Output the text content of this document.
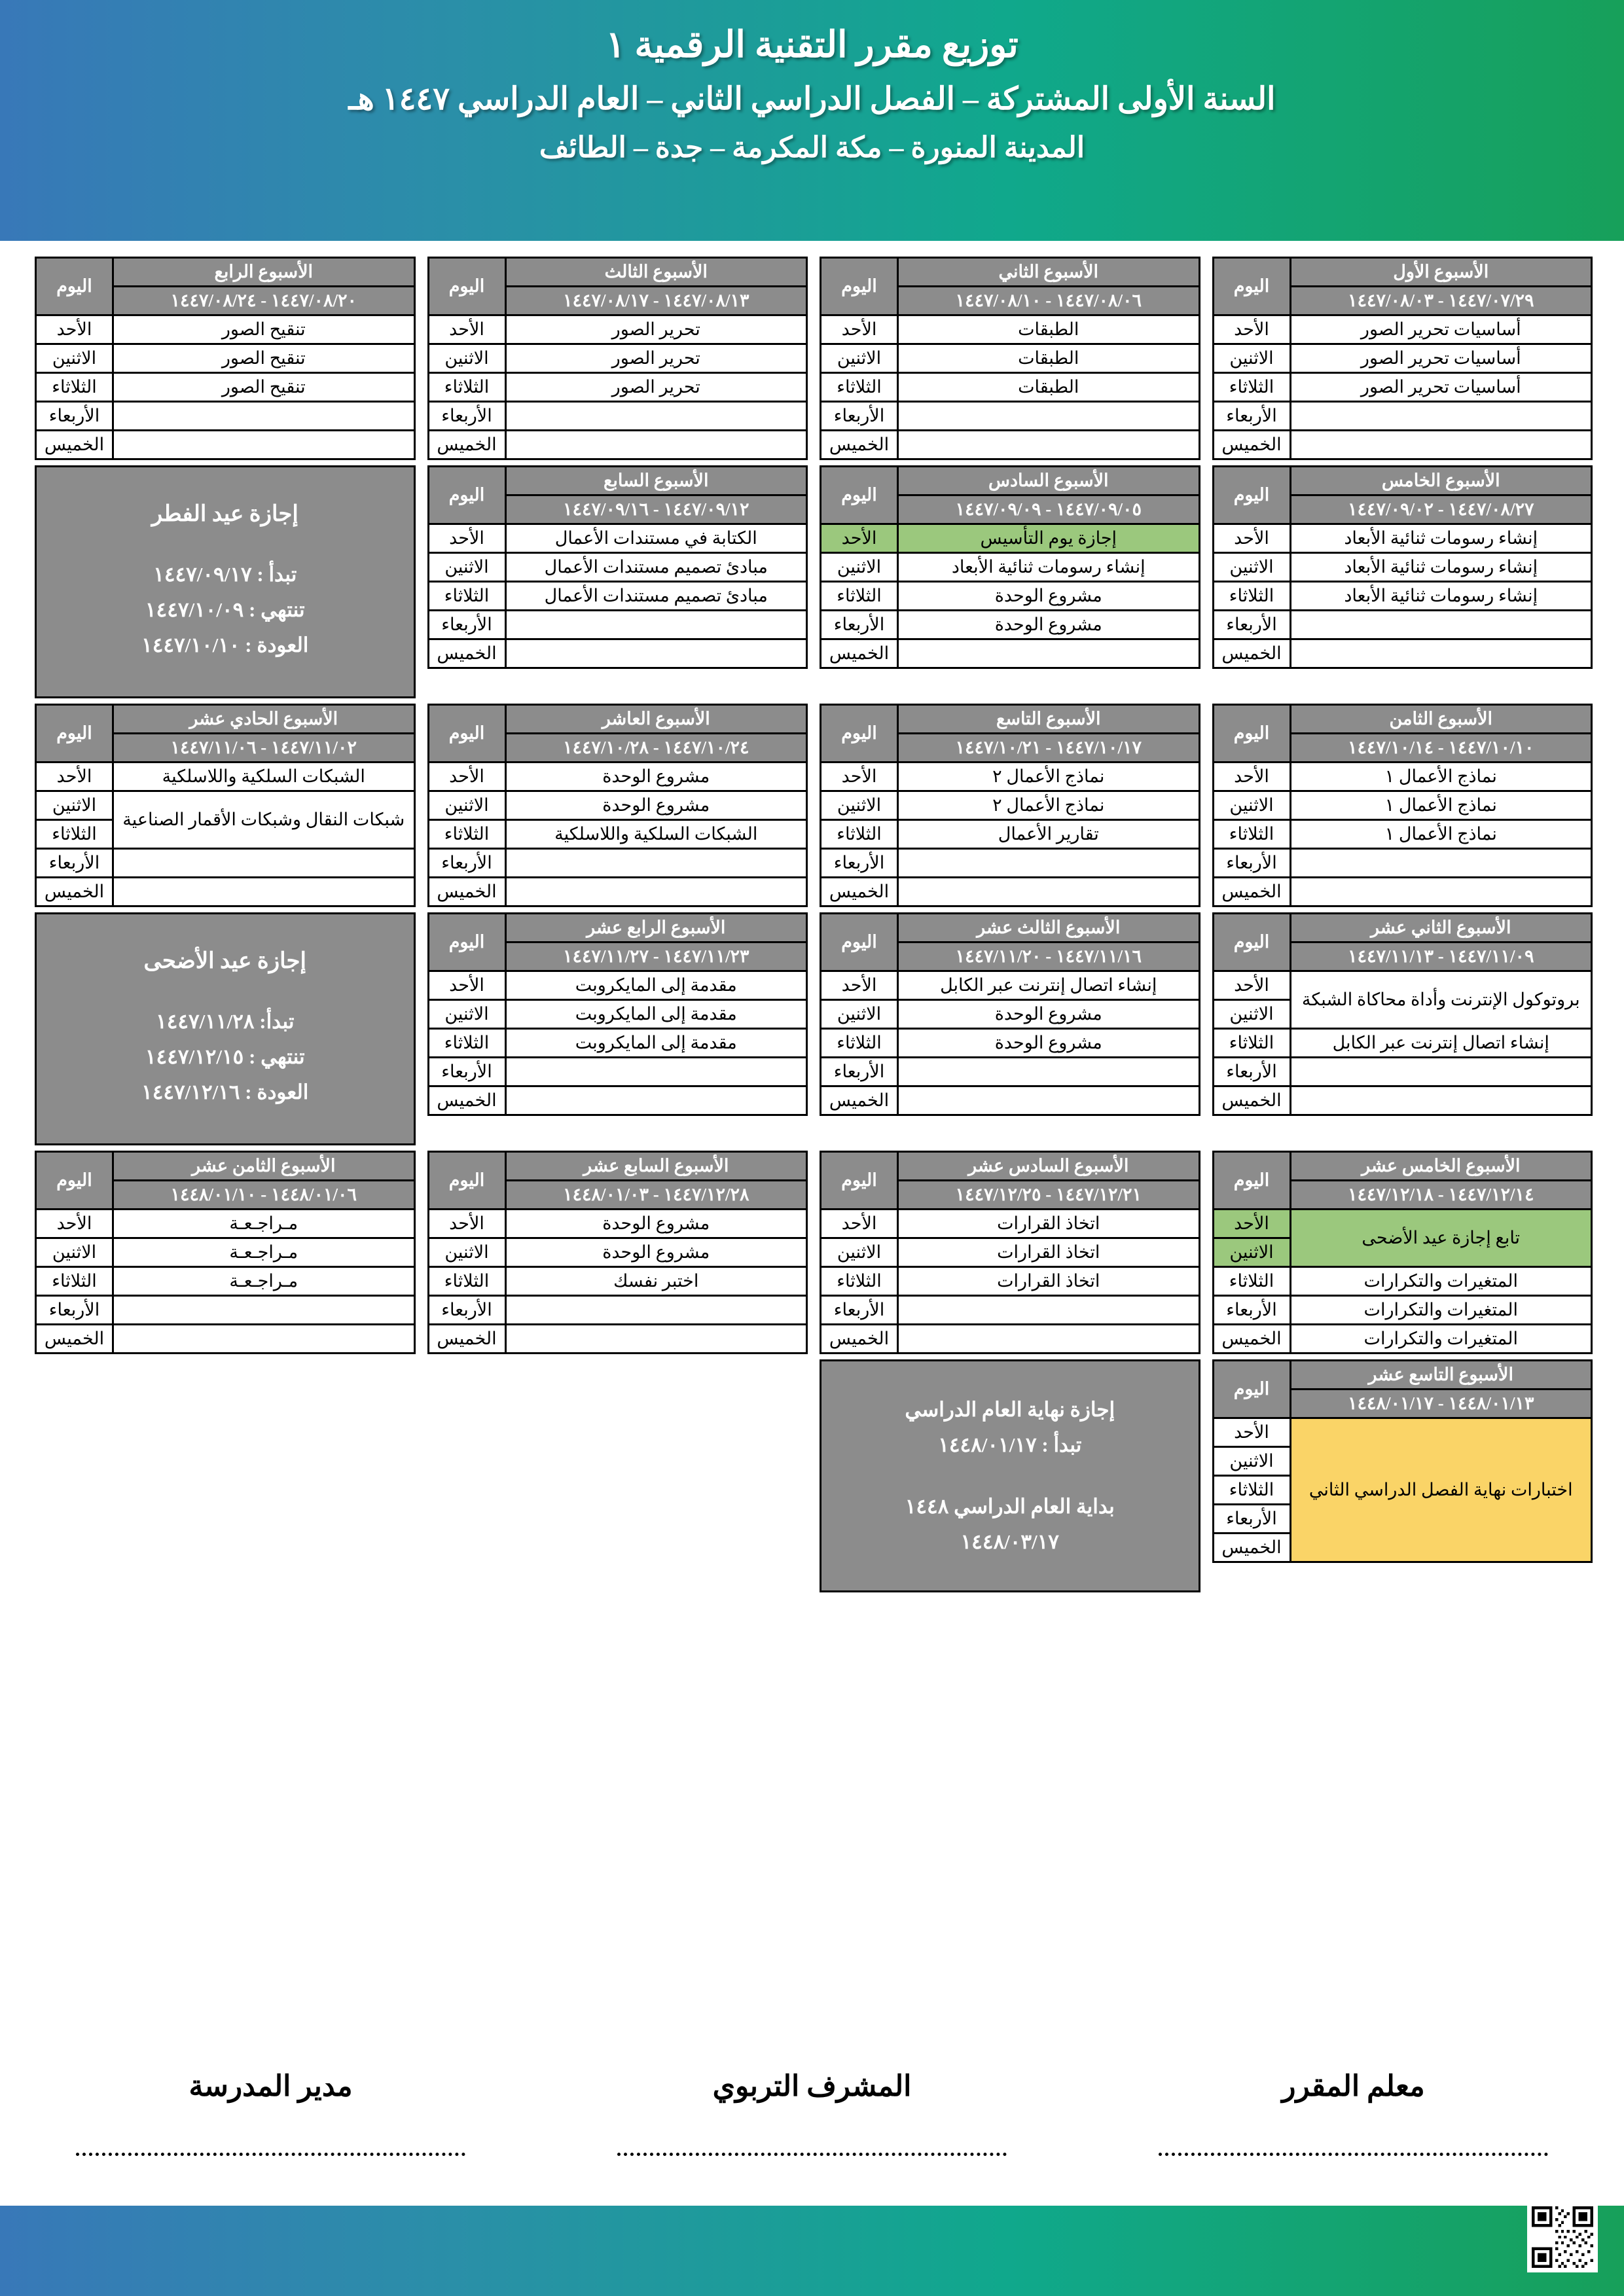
توزيع مقرر التقنية الرقمية ١
السنة الأولى المشتركة – الفصل الدراسي الثاني – العام الدراسي ١٤٤٧ هـ
المدينة المنورة – مكة المكرمة – جدة – الطائف
الأسبوع الأول	اليوم
١٤٤٧/٠٧/٢٩ - ١٤٤٧/٠٨/٠٣	
أساسيات تحرير الصور	الأحد
أساسيات تحرير الصور	الاثنين
أساسيات تحرير الصور	الثلاثاء
	الأربعاء
	الخميس
الأسبوع الثاني	اليوم
١٤٤٧/٠٨/٠٦ - ١٤٤٧/٠٨/١٠	
الطبقات	الأحد
الطبقات	الاثنين
الطبقات	الثلاثاء
	الأربعاء
	الخميس
الأسبوع الثالث	اليوم
١٤٤٧/٠٨/١٣ - ١٤٤٧/٠٨/١٧	
تحرير الصور	الأحد
تحرير الصور	الاثنين
تحرير الصور	الثلاثاء
	الأربعاء
	الخميس
الأسبوع الرابع	اليوم
١٤٤٧/٠٨/٢٠ - ١٤٤٧/٠٨/٢٤	
تنقيح الصور	الأحد
تنقيح الصور	الاثنين
تنقيح الصور	الثلاثاء
	الأربعاء
	الخميس
الأسبوع الخامس	اليوم
١٤٤٧/٠٨/٢٧ - ١٤٤٧/٠٩/٠٢	
إنشاء رسومات ثنائية الأبعاد	الأحد
إنشاء رسومات ثنائية الأبعاد	الاثنين
إنشاء رسومات ثنائية الأبعاد	الثلاثاء
	الأربعاء
	الخميس
الأسبوع السادس	اليوم
١٤٤٧/٠٩/٠٥ - ١٤٤٧/٠٩/٠٩	
إجازة يوم التأسيس	الأحد
إنشاء رسومات ثنائية الأبعاد	الاثنين
مشروع الوحدة	الثلاثاء
مشروع الوحدة	الأربعاء
	الخميس
الأسبوع السابع	اليوم
١٤٤٧/٠٩/١٢ - ١٤٤٧/٠٩/١٦	
الكتابة في مستندات الأعمال	الأحد
مبادئ تصميم مستندات الأعمال	الاثنين
مبادئ تصميم مستندات الأعمال	الثلاثاء
	الأربعاء
	الخميس
إجازة عيد الفطر
تبدأ : ١٤٤٧/٠٩/١٧
تنتهي : ١٤٤٧/١٠/٠٩
العودة : ١٤٤٧/١٠/١٠
الأسبوع الثامن	اليوم
١٤٤٧/١٠/١٠ - ١٤٤٧/١٠/١٤	
نماذج الأعمال ١	الأحد
نماذج الأعمال ١	الاثنين
نماذج الأعمال ١	الثلاثاء
	الأربعاء
	الخميس
الأسبوع التاسع	اليوم
١٤٤٧/١٠/١٧ - ١٤٤٧/١٠/٢١	
نماذج الأعمال ٢	الأحد
نماذج الأعمال ٢	الاثنين
تقارير الأعمال	الثلاثاء
	الأربعاء
	الخميس
الأسبوع العاشر	اليوم
١٤٤٧/١٠/٢٤ - ١٤٤٧/١٠/٢٨	
مشروع الوحدة	الأحد
مشروع الوحدة	الاثنين
الشبكات السلكية واللاسلكية	الثلاثاء
	الأربعاء
	الخميس
الأسبوع الحادي عشر	اليوم
١٤٤٧/١١/٠٢ - ١٤٤٧/١١/٠٦	
الشبكات السلكية واللاسلكية	الأحد
شبكات النقال وشبكات الأقمار الصناعية	الاثنين
	الثلاثاء
	الأربعاء
	الخميس
الأسبوع الثاني عشر	اليوم
١٤٤٧/١١/٠٩ - ١٤٤٧/١١/١٣	
بروتوكول الإنترنت وأداة محاكاة الشبكة	الأحد
	الاثنين
إنشاء اتصال إنترنت عبر الكابل	الثلاثاء
	الأربعاء
	الخميس
الأسبوع الثالث عشر	اليوم
١٤٤٧/١١/١٦ - ١٤٤٧/١١/٢٠	
إنشاء اتصال إنترنت عبر الكابل	الأحد
مشروع الوحدة	الاثنين
مشروع الوحدة	الثلاثاء
	الأربعاء
	الخميس
الأسبوع الرابع عشر	اليوم
١٤٤٧/١١/٢٣ - ١٤٤٧/١١/٢٧	
مقدمة إلى المايكروبت	الأحد
مقدمة إلى المايكروبت	الاثنين
مقدمة إلى المايكروبت	الثلاثاء
	الأربعاء
	الخميس
إجازة عيد الأضحى
تبدأ: ١٤٤٧/١١/٢٨
تنتهي : ١٤٤٧/١٢/١٥
العودة : ١٤٤٧/١٢/١٦
الأسبوع الخامس عشر	اليوم
١٤٤٧/١٢/١٤ - ١٤٤٧/١٢/١٨	
تابع إجازة عيد الأضحى	الأحد
	الاثنين
المتغيرات والتكرارات	الثلاثاء
المتغيرات والتكرارات	الأربعاء
المتغيرات والتكرارات	الخميس
الأسبوع السادس عشر	اليوم
١٤٤٧/١٢/٢١ - ١٤٤٧/١٢/٢٥	
اتخاذ القرارات	الأحد
اتخاذ القرارات	الاثنين
اتخاذ القرارات	الثلاثاء
	الأربعاء
	الخميس
الأسبوع السابع عشر	اليوم
١٤٤٧/١٢/٢٨ - ١٤٤٨/٠١/٠٣	
مشروع الوحدة	الأحد
مشروع الوحدة	الاثنين
اختبر نفسك	الثلاثاء
	الأربعاء
	الخميس
الأسبوع الثامن عشر	اليوم
١٤٤٨/٠١/٠٦ - ١٤٤٨/٠١/١٠	
مـراجـعـة	الأحد
مـراجـعـة	الاثنين
مـراجـعـة	الثلاثاء
	الأربعاء
	الخميس
الأسبوع التاسع عشر	اليوم
١٤٤٨/٠١/١٣ - ١٤٤٨/٠١/١٧	
اختبارات نهاية الفصل الدراسي الثاني	الأحد
	الاثنين
	الثلاثاء
	الأربعاء
	الخميس
إجازة نهاية العام الدراسي
تبدأ : ١٤٤٨/٠١/١٧
بداية العام الدراسي ١٤٤٨
١٤٤٨/٠٣/١٧
معلم المقرر
المشرف التربوي
مدير المدرسة
